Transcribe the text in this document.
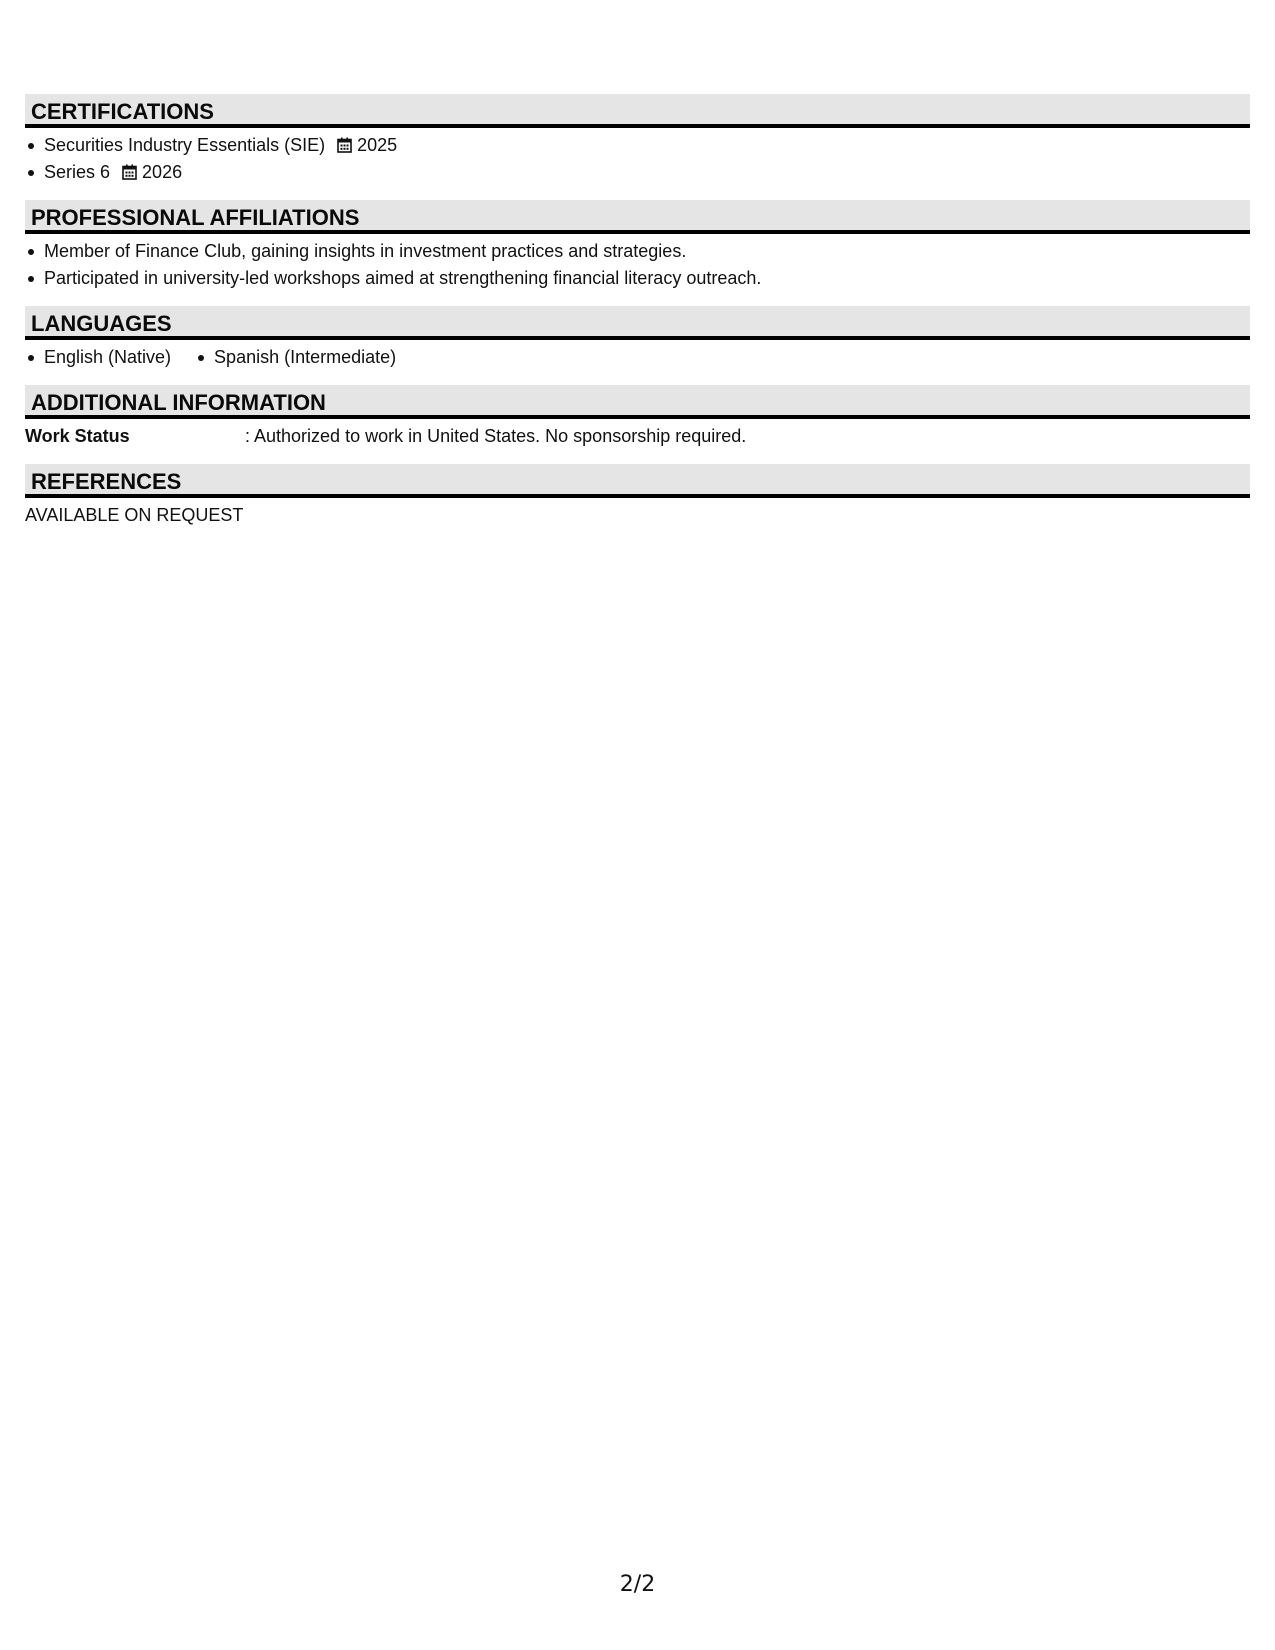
CERTIFICATIONS
Securities Industry Essentials (SIE) 2025
Series 6 2026
PROFESSIONAL AFFILIATIONS
Member of Finance Club, gaining insights in investment practices and strategies.
Participated in university-led workshops aimed at strengthening financial literacy outreach.
LANGUAGES
English (Native)	Spanish (Intermediate)
ADDITIONAL INFORMATION
Work Status	: Authorized to work in United States. No sponsorship required.
REFERENCES
AVAILABLE ON REQUEST
2/2
